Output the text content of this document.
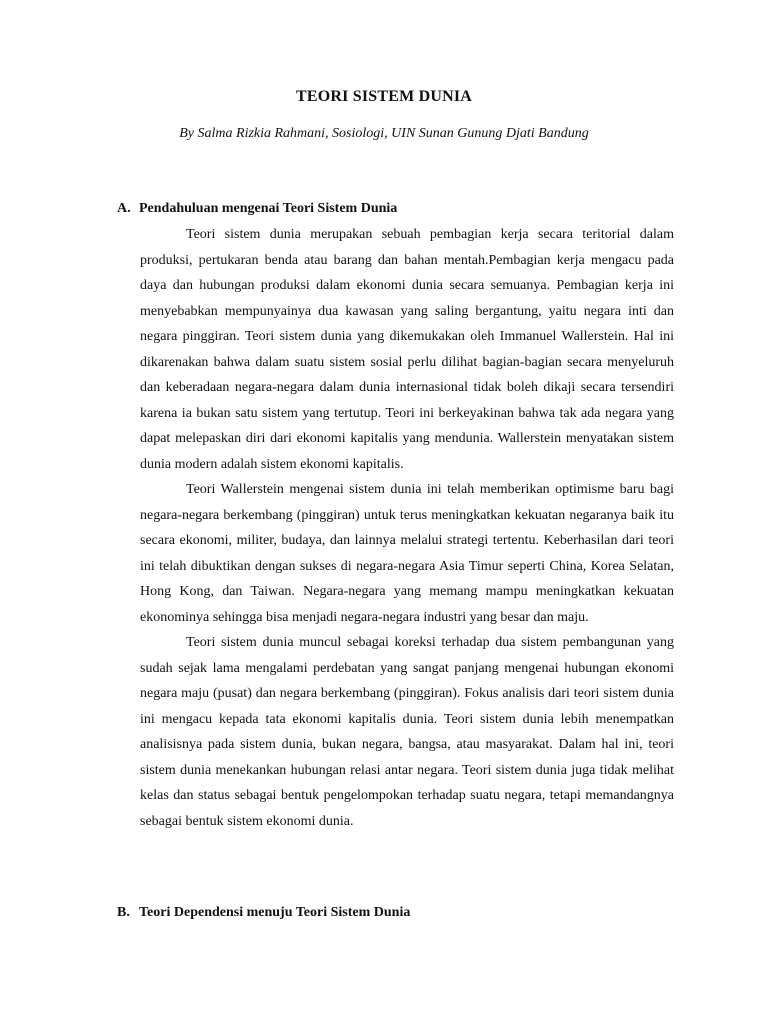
TEORI SISTEM DUNIA
By Salma Rizkia Rahmani, Sosiologi, UIN Sunan Gunung Djati Bandung
A. Pendahuluan mengenai Teori Sistem Dunia

Teori sistem dunia merupakan sebuah pembagian kerja secara teritorial dalam produksi, pertukaran benda atau barang dan bahan mentah.Pembagian kerja mengacu pada daya dan hubungan produksi dalam ekonomi dunia secara semuanya. Pembagian kerja ini menyebabkan mempunyainya dua kawasan yang saling bergantung, yaitu negara inti dan negara pinggiran. Teori sistem dunia yang dikemukakan oleh Immanuel Wallerstein. Hal ini dikarenakan bahwa dalam suatu sistem sosial perlu dilihat bagian-bagian secara menyeluruh dan keberadaan negara-negara dalam dunia internasional tidak boleh dikaji secara tersendiri karena ia bukan satu sistem yang tertutup. Teori ini berkeyakinan bahwa tak ada negara yang dapat melepaskan diri dari ekonomi kapitalis yang mendunia. Wallerstein menyatakan sistem dunia modern adalah sistem ekonomi kapitalis.

Teori Wallerstein mengenai sistem dunia ini telah memberikan optimisme baru bagi negara-negara berkembang (pinggiran) untuk terus meningkatkan kekuatan negaranya baik itu secara ekonomi, militer, budaya, dan lainnya melalui strategi tertentu. Keberhasilan dari teori ini telah dibuktikan dengan sukses di negara-negara Asia Timur seperti China, Korea Selatan, Hong Kong, dan Taiwan. Negara-negara yang memang mampu meningkatkan kekuatan ekonominya sehingga bisa menjadi negara-negara industri yang besar dan maju.

Teori sistem dunia muncul sebagai koreksi terhadap dua sistem pembangunan yang sudah sejak lama mengalami perdebatan yang sangat panjang mengenai hubungan ekonomi negara maju (pusat) dan negara berkembang (pinggiran). Fokus analisis dari teori sistem dunia ini mengacu kepada tata ekonomi kapitalis dunia. Teori sistem dunia lebih menempatkan analisisnya pada sistem dunia, bukan negara, bangsa, atau masyarakat. Dalam hal ini, teori sistem dunia menekankan hubungan relasi antar negara. Teori sistem dunia juga tidak melihat kelas dan status sebagai bentuk pengelompokan terhadap suatu negara, tetapi memandangnya sebagai bentuk sistem ekonomi dunia.

B. Teori Dependensi menuju Teori Sistem Dunia
